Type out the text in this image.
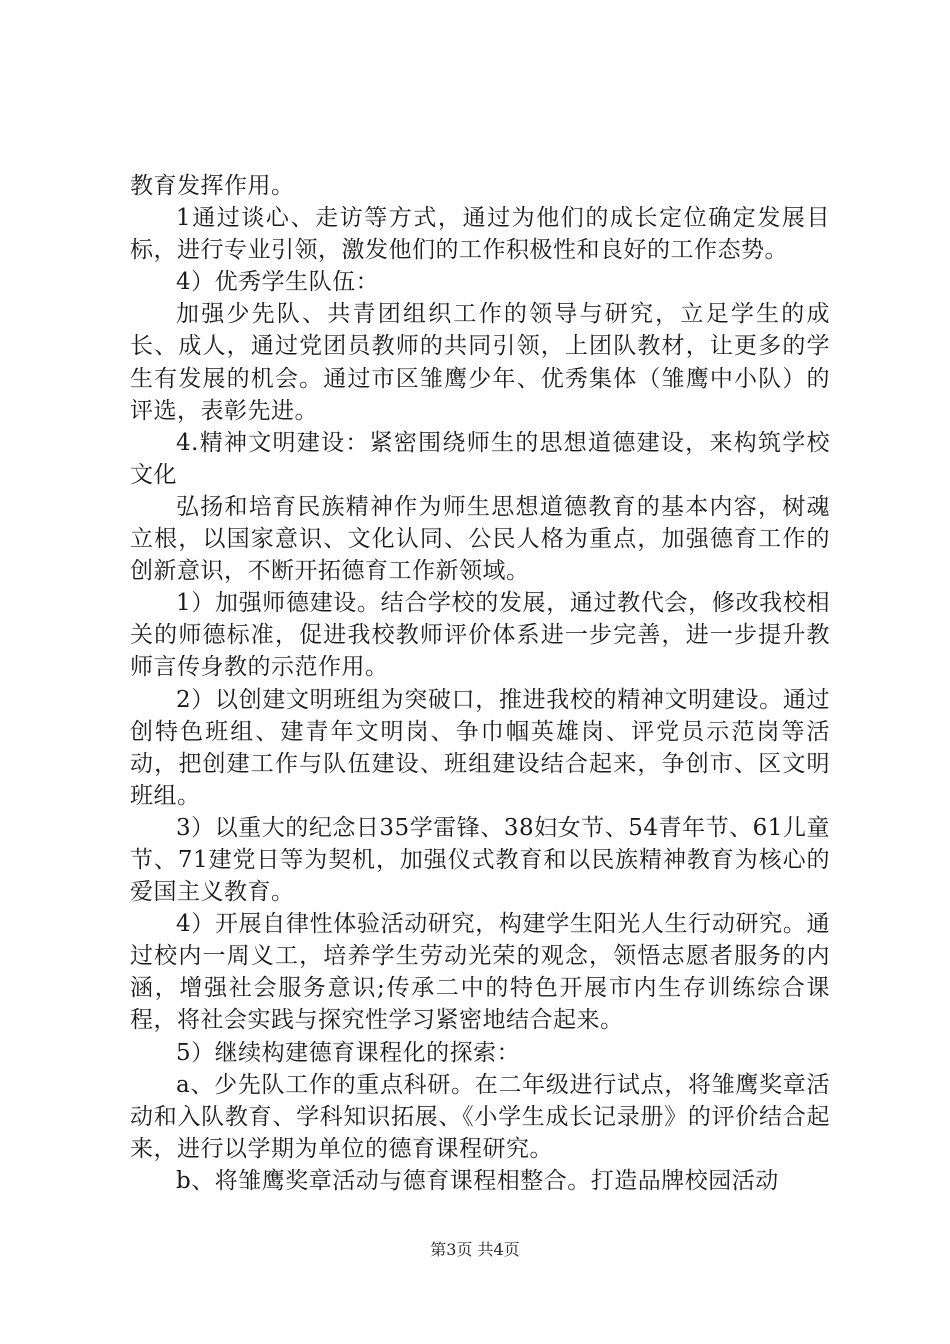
教育发挥作用。

1通过谈心、走访等方式，通过为他们的成长定位确定发展目标，进行专业引领，激发他们的工作积极性和良好的工作态势。

4）优秀学生队伍：

加强少先队、共青团组织工作的领导与研究，立足学生的成长、成人，通过党团员教师的共同引领，上团队教材，让更多的学生有发展的机会。通过市区雏鹰少年、优秀集体（雏鹰中小队）的评选，表彰先进。

4.精神文明建设：紧密围绕师生的思想道德建设，来构筑学校文化

弘扬和培育民族精神作为师生思想道德教育的基本内容，树魂立根，以国家意识、文化认同、公民人格为重点，加强德育工作的创新意识，不断开拓德育工作新领域。

1）加强师德建设。结合学校的发展，通过教代会，修改我校相关的师德标准，促进我校教师评价体系进一步完善，进一步提升教师言传身教的示范作用。

2）以创建文明班组为突破口，推进我校的精神文明建设。通过创特色班组、建青年文明岗、争巾帼英雄岗、评党员示范岗等活动，把创建工作与队伍建设、班组建设结合起来，争创市、区文明班组。

3）以重大的纪念日35学雷锋、38妇女节、54青年节、61儿童节、71建党日等为契机，加强仪式教育和以民族精神教育为核心的爱国主义教育。

4）开展自律性体验活动研究，构建学生阳光人生行动研究。通过校内一周义工，培养学生劳动光荣的观念，领悟志愿者服务的内涵，增强社会服务意识;传承二中的特色开展市内生存训练综合课程，将社会实践与探究性学习紧密地结合起来。

5）继续构建德育课程化的探索：

a、少先队工作的重点科研。在二年级进行试点，将雏鹰奖章活动和入队教育、学科知识拓展、《小学生成长记录册》的评价结合起来，进行以学期为单位的德育课程研究。

b、将雏鹰奖章活动与德育课程相整合。打造品牌校园活动

第3页 共4页
